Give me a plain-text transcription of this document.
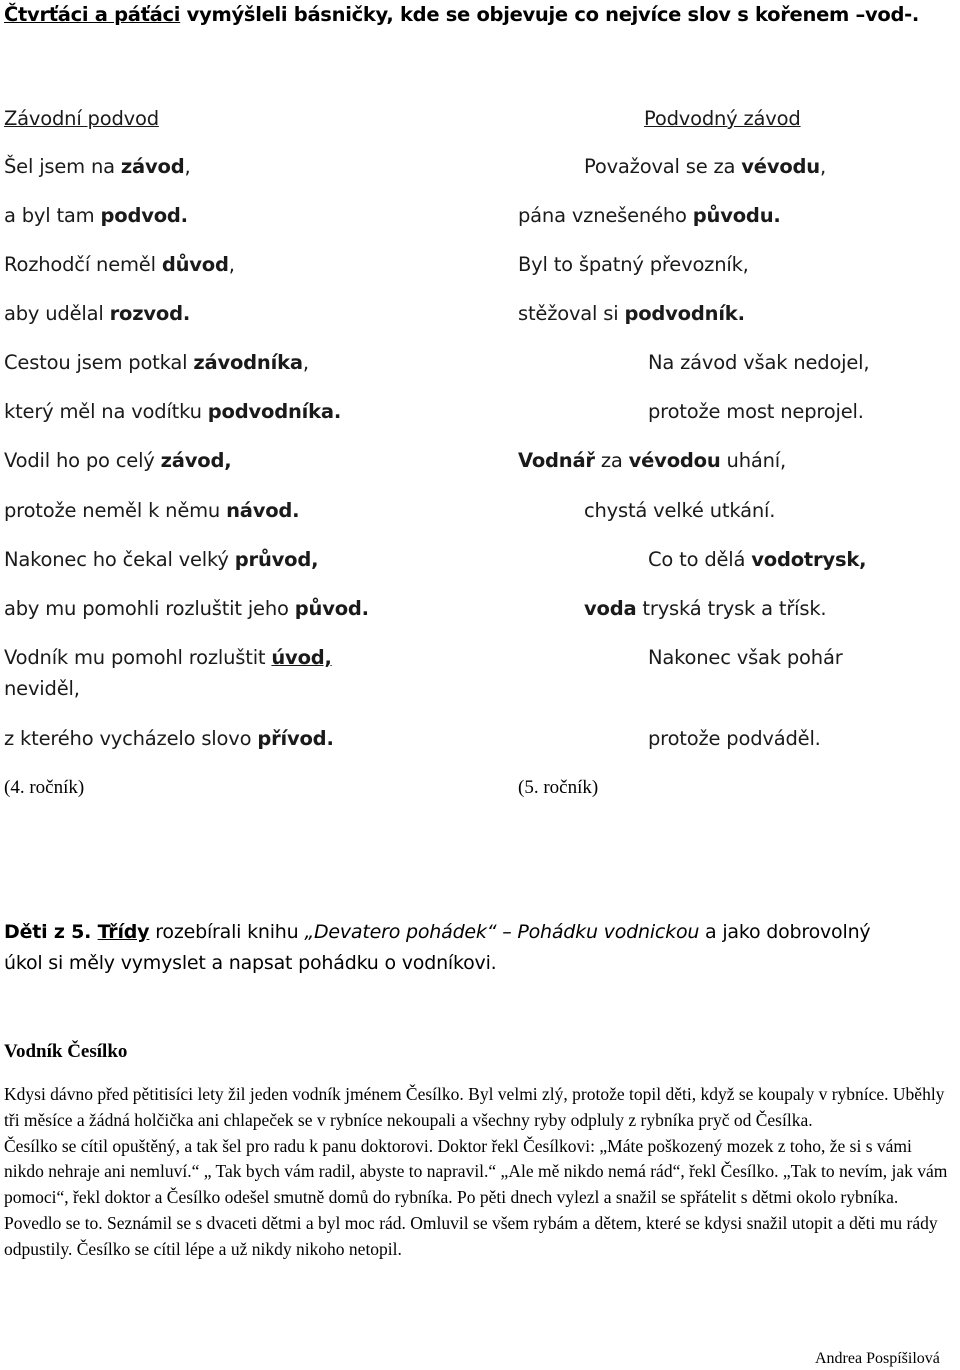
Čtvrťáci a páťáci vymýšleli básničky, kde se objevuje co nejvíce slov s kořenem –vod-.
Závodní podvod
Šel jsem na závod,
a byl tam podvod.
Rozhodčí neměl důvod,
aby udělal rozvod.
Cestou jsem potkal závodníka,
který měl na vodítku podvodníka.
Vodil ho po celý závod,
protože neměl k němu návod.
Nakonec ho čekal velký průvod,
aby mu pomohli rozluštit jeho původ.
Vodník mu pomohl rozluštit úvod,
neviděl,
z kterého vycházelo slovo přívod.
Podvodný závod
Považoval se za vévodu,
pána vznešeného původu.
Byl to špatný převozník,
stěžoval si podvodník.
Na závod však nedojel,
protože most neprojel.
Vodnář za vévodou uhání,
chystá velké utkání.
Co to dělá vodotrysk,
voda tryská trysk a třísk.
Nakonec však pohár
protože podváděl.
(4. ročník)	(5. ročník)
Děti z 5. Třídy rozebírali knihu „Devatero pohádek“ – Pohádku vodnickou a jako dobrovolný
úkol si měly vymyslet a napsat pohádku o vodníkovi.
Vodník Česílko

Kdysi dávno před pětitisíci lety žil jeden vodník jménem Česílko. Byl velmi zlý, protože topil děti, když se koupaly v rybníce. Uběhly tři měsíce a žádná holčička ani chlapeček se v rybníce nekoupali a všechny ryby odpluly z rybníka pryč od Česílka.

Česílko se cítil opuštěný, a tak šel pro radu k panu doktorovi. Doktor řekl Česílkovi: „Máte poškozený mozek z toho, že si s vámi nikdo nehraje ani nemluví.“ „ Tak bych vám radil, abyste to napravil.“ „Ale mě nikdo nemá rád“, řekl Česílko. „Tak to nevím, jak vám pomoci“, řekl doktor a Česílko odešel smutně domů do rybníka. Po pěti dnech vylezl a snažil se spřátelit s dětmi okolo rybníka. Povedlo se to. Seznámil se s dvaceti dětmi a byl moc rád. Omluvil se všem rybám a dětem, které se kdysi snažil utopit a děti mu rády odpustily. Česílko se cítil lépe a už nikdy nikoho netopil.

Andrea Pospíšilová
